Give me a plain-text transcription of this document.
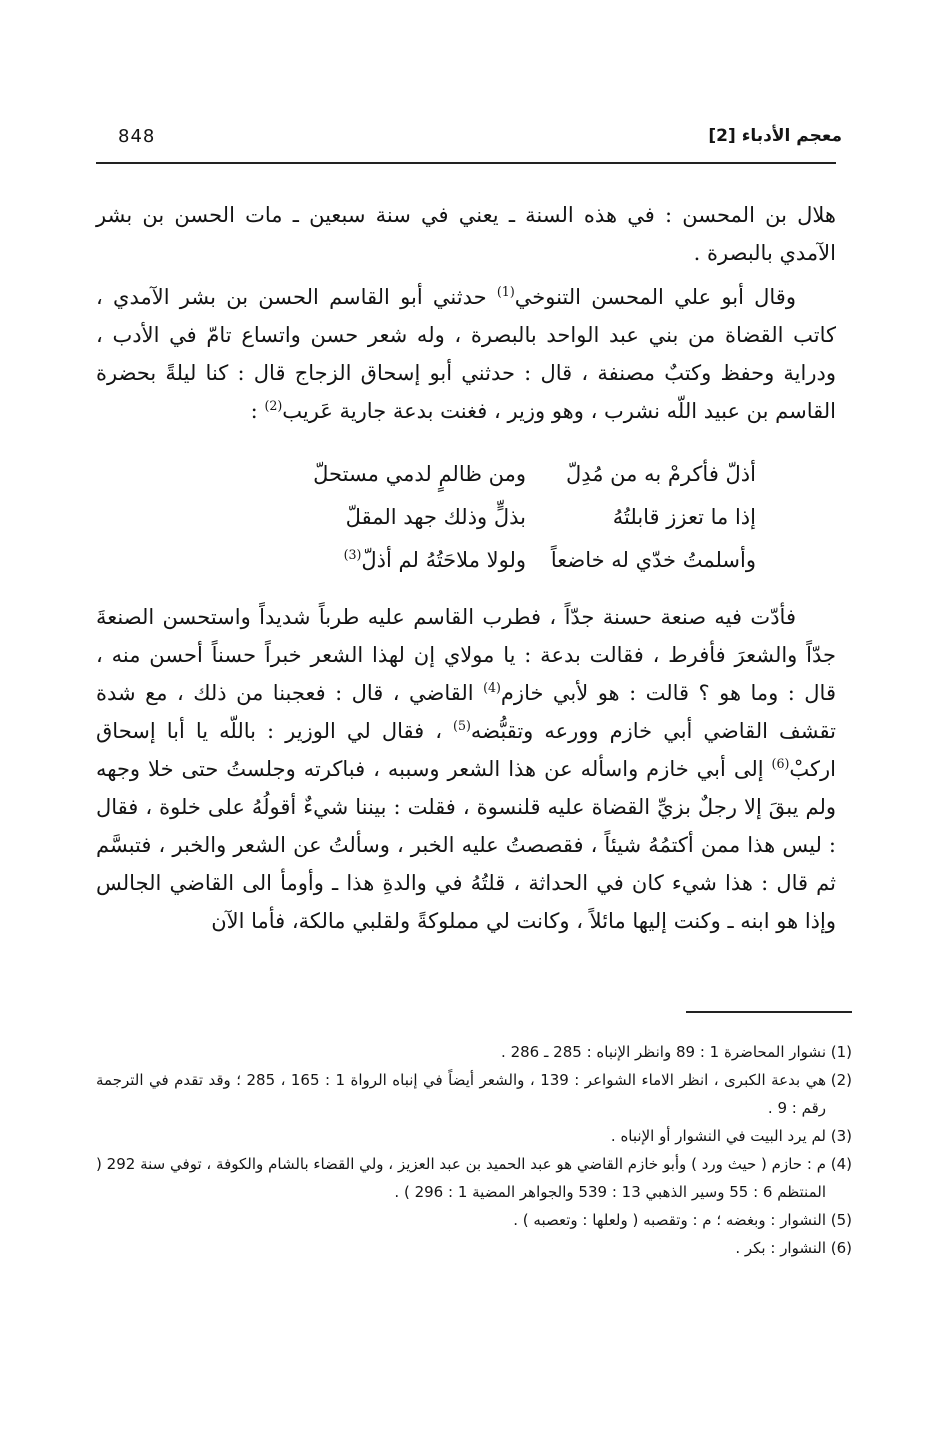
معجم الأدباء [2]
848

هلال بن المحسن : في هذه السنة ـ يعني في سنة سبعين ـ مات الحسن بن بشر الآمدي بالبصرة .

وقال أبو علي المحسن التنوخي$^{(1)}$ حدثني أبو القاسم الحسن بن بشر الآمدي ، كاتب القضاة من بني عبد الواحد بالبصرة ، وله شعر حسن واتساع تامّ في الأدب ، ودراية وحفظ وكتبٌ مصنفة ، قال : حدثني أبو إسحاق الزجاج قال : كنا ليلةً بحضرة القاسم بن عبيد اللّه نشرب ، وهو وزير ، فغنت بدعة جارية عَريب$^{(2)}$ :

أذلّ فأكرمْ به من مُدِلّ
ومن ظالمٍ لدمي مستحلّ
إذا ما تعزز قابلتُهُ
بذلٍّ وذلك جهد المقلّ
وأسلمتُ خدّي له خاضعاً
ولولا ملاحَتُهُ لم أذلّ$^{(3)}$

فأدّت فيه صنعة حسنة جدّاً ، فطرب القاسم عليه طرباً شديداً واستحسن الصنعةَ جدّاً والشعرَ فأفرط ، فقالت بدعة : يا مولاي إن لهذا الشعر خبراً حسناً أحسن منه ، قال : وما هو ؟ قالت : هو لأبي خازم$^{(4)}$ القاضي ، قال : فعجبنا من ذلك ، مع شدة تقشف القاضي أبي خازم وورعه وتقبُّضه$^{(5)}$ ، فقال لي الوزير : باللّه يا أبا إسحاق اركبْ$^{(6)}$ إلى أبي خازم واسأله عن هذا الشعر وسببه ، فباكرته وجلستُ حتى خلا وجهه ولم يبقَ إلا رجلٌ بزيِّ القضاة عليه قلنسوة ، فقلت : بيننا شيءٌ أقولُهُ على خلوة ، فقال : ليس هذا ممن أكتمُهُ شيئاً ، فقصصتُ عليه الخبر ، وسألتُ عن الشعر والخبر ، فتبسَّم ثم قال : هذا شيء كان في الحداثة ، قلتُهُ في والدةِ هذا ـ وأومأ الى القاضي الجالس وإذا هو ابنه ـ وكنت إليها مائلاً ، وكانت لي مملوكةً ولقلبي مالكة، فأما الآن

(1)
نشوار المحاضرة 1 : 89 وانظر الإنباه : 285 ـ 286 .
(2)
هي بدعة الكبرى ، انظر الاماء الشواعر : 139 ، والشعر أيضاً في إنباه الرواة 1 : 165 ، 285 ؛ وقد تقدم في الترجمة رقم : 9 .
(3)
لم يرد البيت في النشوار أو الإنباه .
(4)
م : حازم ( حيث ورد ) وأبو خازم القاضي هو عبد الحميد بن عبد العزيز ، ولي القضاء بالشام والكوفة ، توفي سنة 292 ( المنتظم 6 : 55 وسير الذهبي 13 : 539 والجواهر المضية 1 : 296 ) .
(5)
النشوار : وبغضه ؛ م : وتقصبه ( ولعلها : وتعصبه ) .
(6)
النشوار : بكر .
